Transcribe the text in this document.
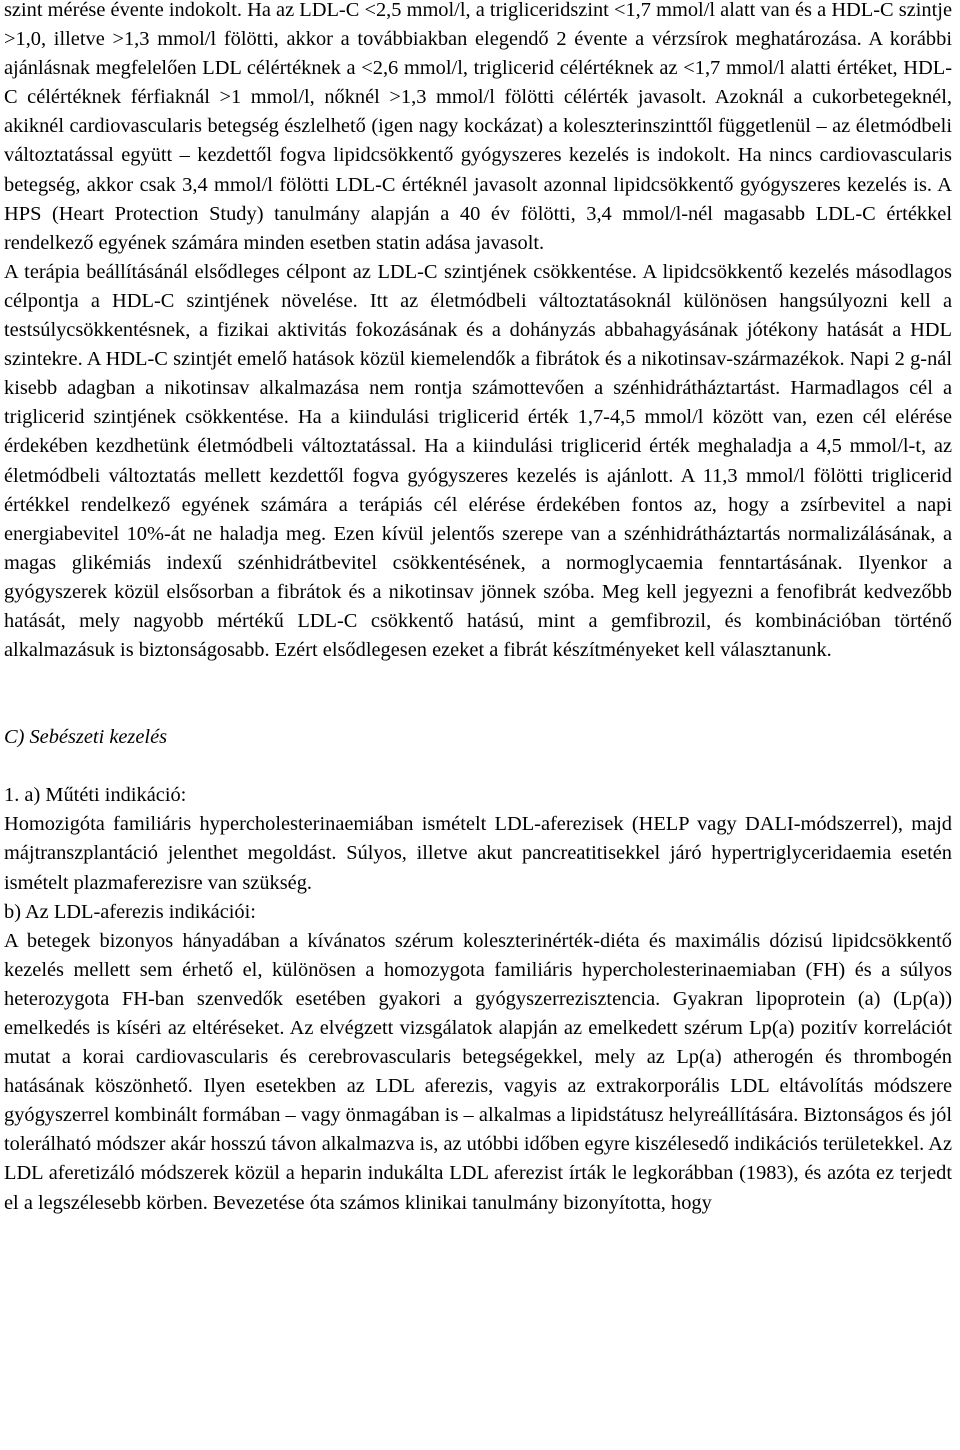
szint mérése évente indokolt. Ha az LDL-C <2,5 mmol/l, a trigliceridszint <1,7 mmol/l alatt van és a HDL-C szintje >1,0, illetve >1,3 mmol/l fölötti, akkor a továbbiakban elegendő 2 évente a vérzsírok meghatározása. A korábbi ajánlásnak megfelelően LDL célértéknek a <2,6 mmol/l, triglicerid célértéknek az <1,7 mmol/l alatti értéket, HDL-C célértéknek férfiaknál >1 mmol/l, nőknél >1,3 mmol/l fölötti célérték javasolt. Azoknál a cukorbetegeknél, akiknél cardiovascularis betegség észlelhető (igen nagy kockázat) a koleszterinszinttől függetlenül – az életmódbeli változtatással együtt – kezdettől fogva lipidcsökkentő gyógyszeres kezelés is indokolt. Ha nincs cardiovascularis betegség, akkor csak 3,4 mmol/l fölötti LDL-C értéknél javasolt azonnal lipidcsökkentő gyógyszeres kezelés is. A HPS (Heart Protection Study) tanulmány alapján a 40 év fölötti, 3,4 mmol/l-nél magasabb LDL-C értékkel rendelkező egyének számára minden esetben statin adása javasolt.

A terápia beállításánál elsődleges célpont az LDL-C szintjének csökkentése. A lipidcsökkentő kezelés másodlagos célpontja a HDL-C szintjének növelése. Itt az életmódbeli változtatásoknál különösen hangsúlyozni kell a testsúlycsökkentésnek, a fizikai aktivitás fokozásának és a dohányzás abbahagyásának jótékony hatását a HDL szintekre. A HDL-C szintjét emelő hatások közül kiemelendők a fibrátok és a nikotinsav-származékok. Napi 2 g-nál kisebb adagban a nikotinsav alkalmazása nem rontja számottevően a szénhidrátháztartást. Harmadlagos cél a triglicerid szintjének csökkentése. Ha a kiindulási triglicerid érték 1,7-4,5 mmol/l között van, ezen cél elérése érdekében kezdhetünk életmódbeli változtatással. Ha a kiindulási triglicerid érték meghaladja a 4,5 mmol/l-t, az életmódbeli változtatás mellett kezdettől fogva gyógyszeres kezelés is ajánlott. A 11,3 mmol/l fölötti triglicerid értékkel rendelkező egyének számára a terápiás cél elérése érdekében fontos az, hogy a zsírbevitel a napi energiabevitel 10%-át ne haladja meg. Ezen kívül jelentős szerepe van a szénhidrátháztartás normalizálásának, a magas glikémiás indexű szénhidrátbevitel csökkentésének, a normoglycaemia fenntartásának. Ilyenkor a gyógyszerek közül elsősorban a fibrátok és a nikotinsav jönnek szóba. Meg kell jegyezni a fenofibrát kedvezőbb hatását, mely nagyobb mértékű LDL-C csökkentő hatású, mint a gemfibrozil, és kombinációban történő alkalmazásuk is biztonságosabb. Ezért elsődlegesen ezeket a fibrát készítményeket kell választanunk.

C) Sebészeti kezelés

1. a) Műtéti indikáció:

Homozigóta familiáris hypercholesterinaemiában ismételt LDL-aferezisek (HELP vagy DALI-módszerrel), majd májtranszplantáció jelenthet megoldást. Súlyos, illetve akut pancreatitisekkel járó hypertriglyceridaemia esetén ismételt plazmaferezisre van szükség.

b) Az LDL-aferezis indikációi:

A betegek bizonyos hányadában a kívánatos szérum koleszterinérték-diéta és maximális dózisú lipidcsökkentő kezelés mellett sem érhető el, különösen a homozygota familiáris hypercholesterinaemiaban (FH) és a súlyos heterozygota FH-ban szenvedők esetében gyakori a gyógyszerrezisztencia. Gyakran lipoprotein (a) (Lp(a)) emelkedés is kíséri az eltéréseket. Az elvégzett vizsgálatok alapján az emelkedett szérum Lp(a) pozitív korrelációt mutat a korai cardiovascularis és cerebrovascularis betegségekkel, mely az Lp(a) atherogén és thrombogén hatásának köszönhető. Ilyen esetekben az LDL aferezis, vagyis az extrakorporális LDL eltávolítás módszere gyógyszerrel kombinált formában – vagy önmagában is – alkalmas a lipidstátusz helyreállítására. Biztonságos és jól tolerálható módszer akár hosszú távon alkalmazva is, az utóbbi időben egyre kiszélesedő indikációs területekkel. Az LDL aferetizáló módszerek közül a heparin indukálta LDL aferezist írták le legkorábban (1983), és azóta ez terjedt el a legszélesebb körben. Bevezetése óta számos klinikai tanulmány bizonyította, hogy
